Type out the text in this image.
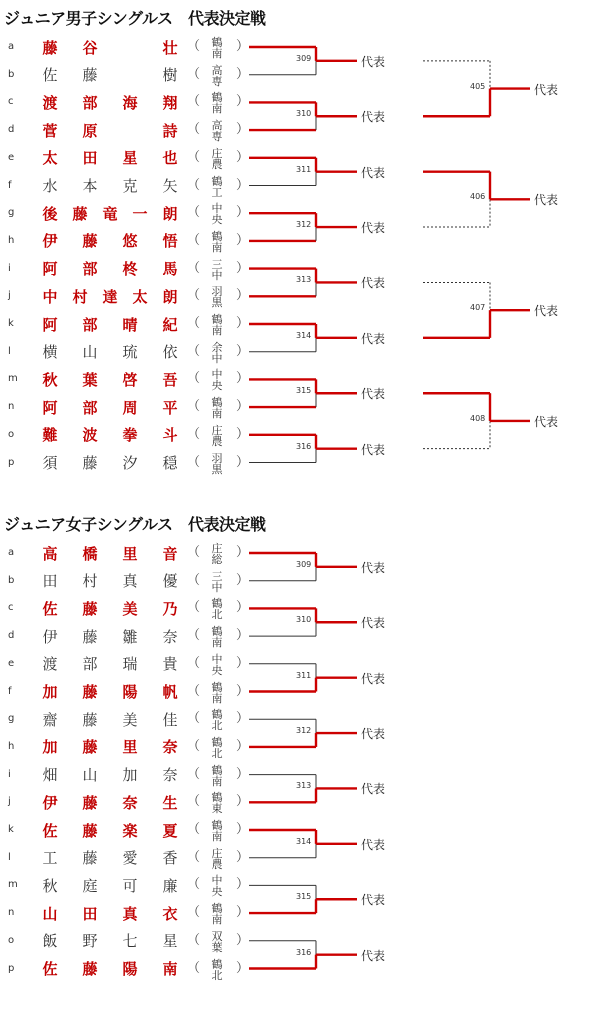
ジュニア男子シングルス　代表決定戦
a	藤 谷	壮 （	）
鶴南
b	佐 藤	樹 （	）
高専
c	渡 部 海 翔 （	）
鶴南
d	菅 原	詩 （	）
高専
e	太 田 星 也 （	）
庄農
f	水 本 克 矢 （	）
鶴工
g	後 藤 竜 一 朗 （	）
中央
h	伊 藤 悠 悟 （	）
鶴南
i	阿 部 柊 馬 （	）
三中
j	中 村 達 太 朗 （	）
羽黒
k	阿 部 晴 紀 （	）
鶴南
l	横 山 琉 依 （	）
余中
m 秋 葉 啓 吾 （	）
中央
n	阿 部 周 平 （	）
鶴南
o	難 波 拳 斗 （	）
庄農
p	須 藤 汐 穏 （	）
羽黒
309	代表
310	代表
311	代表
312	代表
313	代表
314	代表
315	代表
316	代表
405	代表
406	代表
407	代表
408	代表
ジュニア女子シングルス　代表決定戦
a	高 橋 里 音 （	）
庄総
b	田 村 真 優 （	）
三中
c	佐 藤 美 乃 （	）
鶴北
d	伊 藤 雛 奈 （	）
鶴南
e	渡 部 瑞 貴 （	）
中央
f	加 藤 陽 帆 （	）
鶴南
g	齋 藤 美 佳 （	）
鶴北
h	加 藤 里 奈 （	）
鶴北
i	畑 山 加 奈 （	）
鶴南
j	伊 藤 奈 生 （	）
鶴東
k	佐 藤 楽 夏 （	）
鶴南
l	工 藤 愛 香 （	）
庄農
m 秋 庭 可 廉 （	）
中央
n	山 田 真 衣 （	）
鶴南
o	飯 野 七 星 （	）
双葉
p	佐 藤 陽 南 （	）
鶴北
309	代表
310	代表
311	代表
312	代表
313	代表
314	代表
315	代表
316	代表
